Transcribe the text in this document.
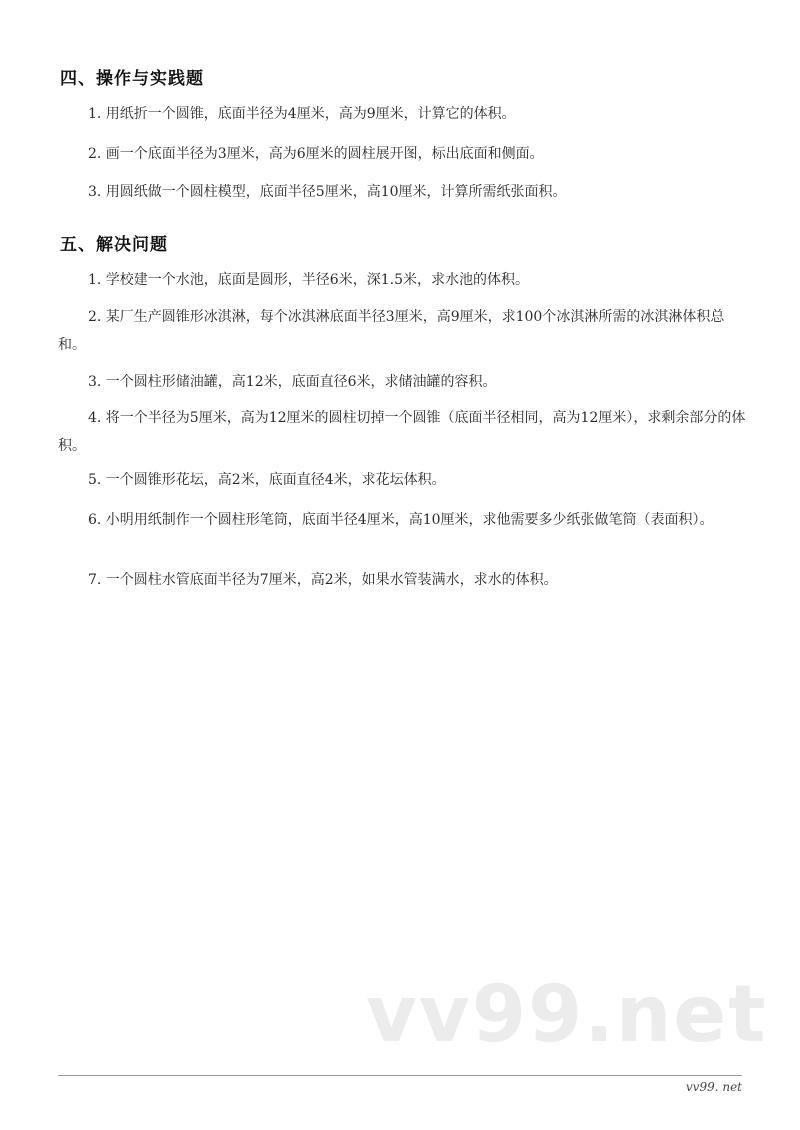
四、操作与实践题

1. 用纸折一个圆锥，底面半径为4厘米，高为9厘米，计算它的体积。

2. 画一个底面半径为3厘米，高为6厘米的圆柱展开图，标出底面和侧面。

3. 用圆纸做一个圆柱模型，底面半径5厘米，高10厘米，计算所需纸张面积。

五、解决问题

1. 学校建一个水池，底面是圆形，半径6米，深1.5米，求水池的体积。

2. 某厂生产圆锥形冰淇淋，每个冰淇淋底面半径3厘米，高9厘米，求100个冰淇淋所需的冰淇淋体积总和。

3. 一个圆柱形储油罐，高12米，底面直径6米，求储油罐的容积。

4. 将一个半径为5厘米，高为12厘米的圆柱切掉一个圆锥（底面半径相同，高为12厘米），求剩余部分的体积。

5. 一个圆锥形花坛，高2米，底面直径4米，求花坛体积。

6. 小明用纸制作一个圆柱形笔筒，底面半径4厘米，高10厘米，求他需要多少纸张做笔筒（表面积）。

7. 一个圆柱水管底面半径为7厘米，高2米，如果水管装满水，求水的体积。

vv99.net
vv99. net
